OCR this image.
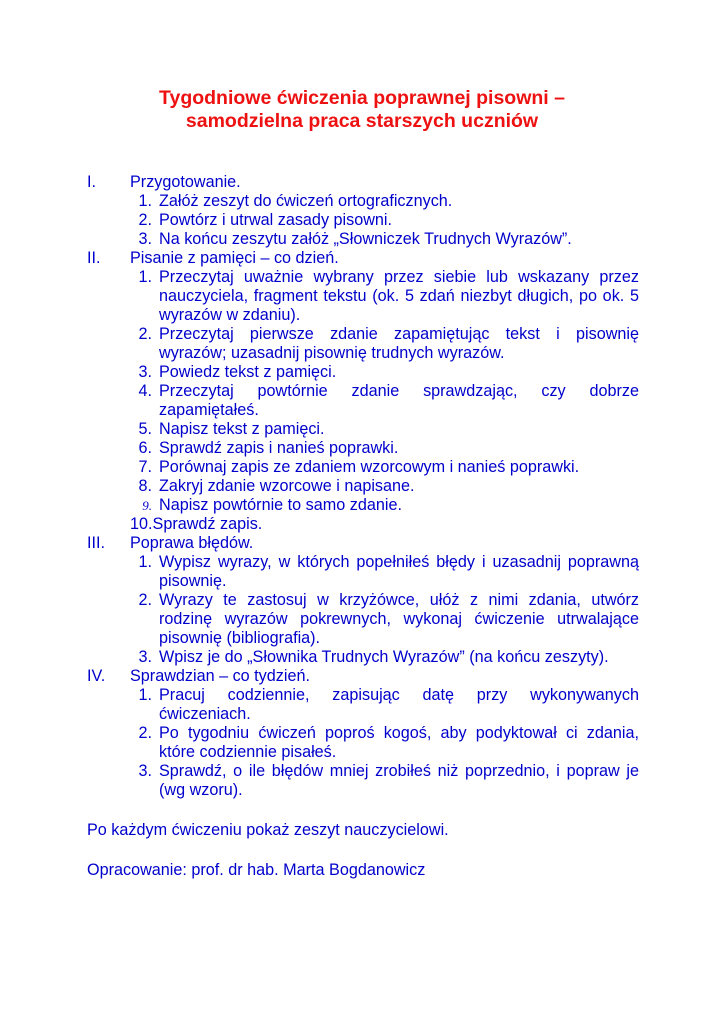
Tygodniowe ćwiczenia poprawnej pisowni –
samodzielna praca starszych uczniów
I.	Przygotowanie.
1. Załóż zeszyt do ćwiczeń ortograficznych.
2. Powtórz i utrwal zasady pisowni.
3. Na końcu zeszytu załóż „Słowniczek Trudnych Wyrazów”.
II.	Pisanie z pamięci – co dzień.
1. Przeczytaj uważnie wybrany przez siebie lub wskazany przez nauczyciela, fragment tekstu (ok. 5 zdań niezbyt długich, po ok. 5 wyrazów w zdaniu).
2. Przeczytaj pierwsze zdanie zapamiętując tekst i pisownię wyrazów; uzasadnij pisownię trudnych wyrazów.
3. Powiedz tekst z pamięci.
4. Przeczytaj powtórnie zdanie sprawdzając, czy dobrze zapamiętałeś.
5. Napisz tekst z pamięci.
6. Sprawdź zapis i nanieś poprawki.
7. Porównaj zapis ze zdaniem wzorcowym i nanieś poprawki.
8. Zakryj zdanie wzorcowe i napisane.
9. Napisz powtórnie to samo zdanie.
10. Sprawdź zapis.
III.	Poprawa błędów.
1. Wypisz wyrazy, w których popełniłeś błędy i uzasadnij poprawną pisownię.
2. Wyrazy te zastosuj w krzyżówce, ułóż z nimi zdania, utwórz rodzinę wyrazów pokrewnych, wykonaj ćwiczenie utrwalające pisownię (bibliografia).
3. Wpisz je do „Słownika Trudnych Wyrazów” (na końcu zeszyty).
IV.	Sprawdzian – co tydzień.
1. Pracuj codziennie, zapisując datę przy wykonywanych ćwiczeniach.
2. Po tygodniu ćwiczeń poproś kogoś, aby podyktował ci zdania, które codziennie pisałeś.
3. Sprawdź, o ile błędów mniej zrobiłeś niż poprzednio, i popraw je (wg wzoru).
Po każdym ćwiczeniu pokaż zeszyt nauczycielowi.
Opracowanie: prof. dr hab. Marta Bogdanowicz
